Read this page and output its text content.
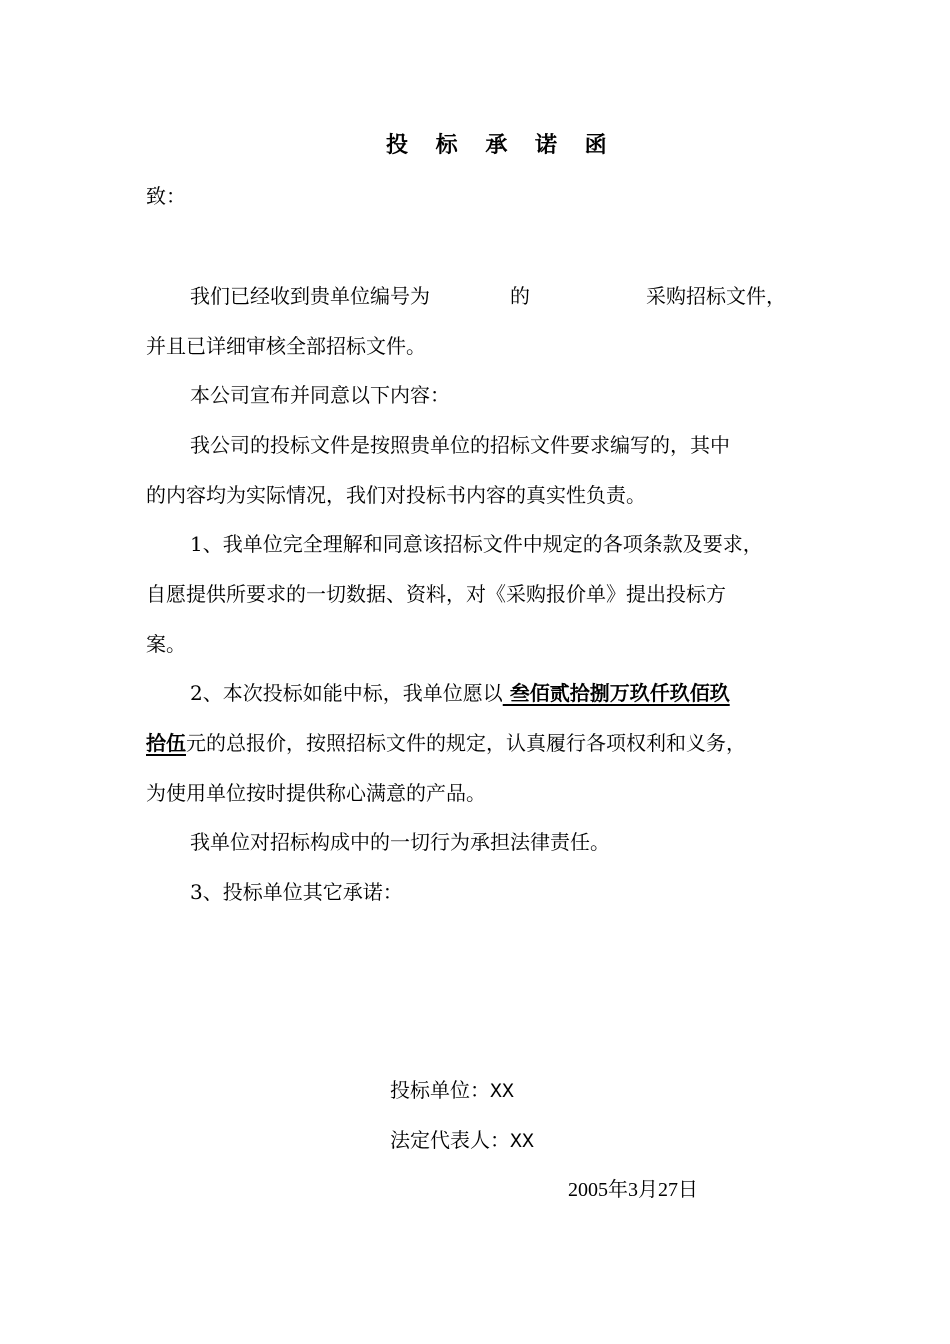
投 标 承 诺 函
致：
我们已经收到贵单位编号为	的	采购招标文件，
并且已详细审核全部招标文件。
本公司宣布并同意以下内容：
我公司的投标文件是按照贵单位的招标文件要求编写的，其中
的内容均为实际情况，我们对投标书内容的真实性负责。
1、我单位完全理解和同意该招标文件中规定的各项条款及要求，
自愿提供所要求的一切数据、资料，对《采购报价单》提出投标方
案。
2、本次投标如能中标，我单位愿以 叁佰贰拾捌万玖仟玖佰玖
拾伍元的总报价，按照招标文件的规定，认真履行各项权利和义务，
为使用单位按时提供称心满意的产品。
我单位对招标构成中的一切行为承担法律责任。
3、投标单位其它承诺：
投标单位：XX
法定代表人：XX
2005年3月27日
